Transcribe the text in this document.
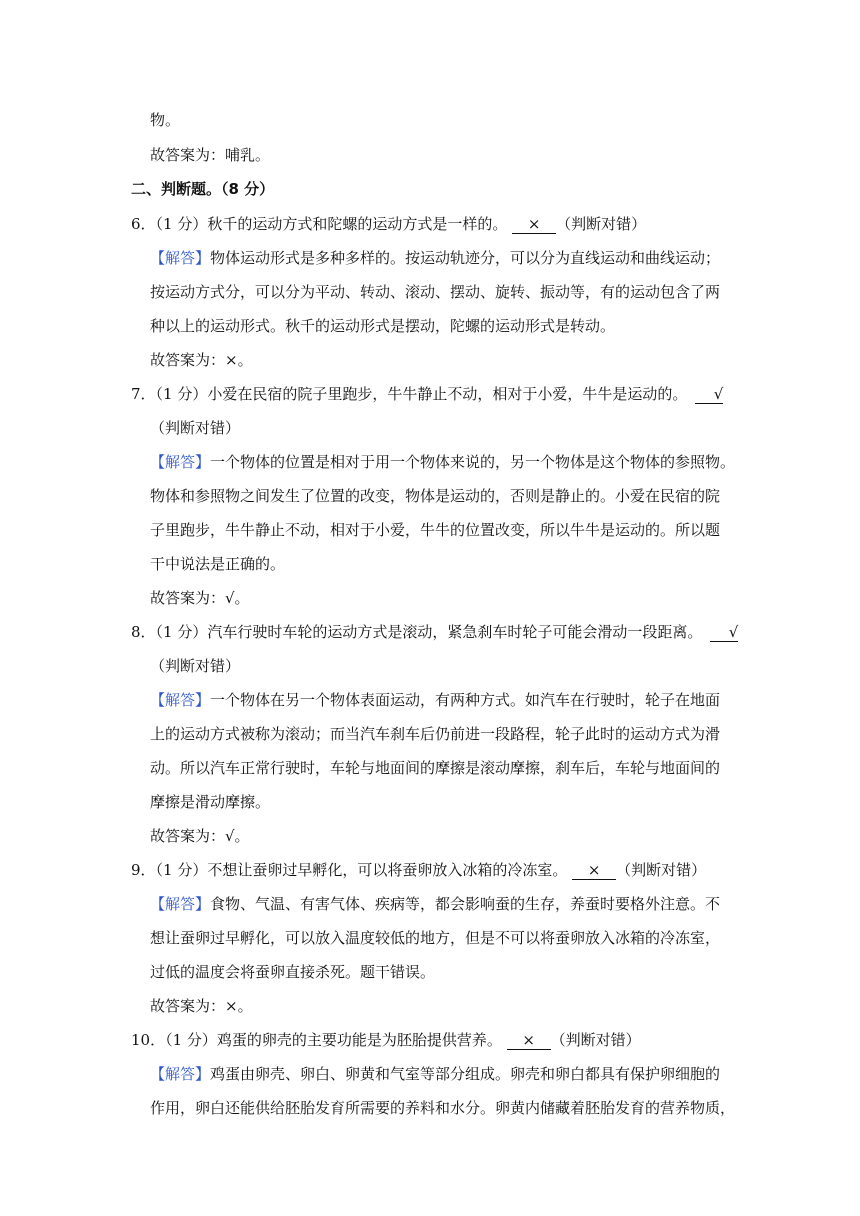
物。
故答案为：哺乳。
二、判断题。（8 分）
6．（1 分）秋千的运动方式和陀螺的运动方式是一样的。 × （判断对错）
【解答】物体运动形式是多种多样的。按运动轨迹分，可以分为直线运动和曲线运动；
按运动方式分，可以分为平动、转动、滚动、摆动、旋转、振动等，有的运动包含了两
种以上的运动形式。秋千的运动形式是摆动，陀螺的运动形式是转动。
故答案为：×。
7．（1 分）小爱在民宿的院子里跑步，牛牛静止不动，相对于小爱，牛牛是运动的。 √
（判断对错）
【解答】一个物体的位置是相对于用一个物体来说的，另一个物体是这个物体的参照物。
物体和参照物之间发生了位置的改变，物体是运动的，否则是静止的。小爱在民宿的院
子里跑步，牛牛静止不动，相对于小爱，牛牛的位置改变，所以牛牛是运动的。所以题
干中说法是正确的。
故答案为：√。
8．（1 分）汽车行驶时车轮的运动方式是滚动，紧急刹车时轮子可能会滑动一段距离。 √
（判断对错）
【解答】一个物体在另一个物体表面运动，有两种方式。如汽车在行驶时，轮子在地面
上的运动方式被称为滚动；而当汽车刹车后仍前进一段路程，轮子此时的运动方式为滑
动。所以汽车正常行驶时，车轮与地面间的摩擦是滚动摩擦，刹车后，车轮与地面间的
摩擦是滑动摩擦。
故答案为：√。
9．（1 分）不想让蚕卵过早孵化，可以将蚕卵放入冰箱的冷冻室。 × （判断对错）
【解答】食物、气温、有害气体、疾病等，都会影响蚕的生存，养蚕时要格外注意。不
想让蚕卵过早孵化，可以放入温度较低的地方，但是不可以将蚕卵放入冰箱的冷冻室，
过低的温度会将蚕卵直接杀死。题干错误。
故答案为：×。
10．（1 分）鸡蛋的卵壳的主要功能是为胚胎提供营养。 × （判断对错）
【解答】鸡蛋由卵壳、卵白、卵黄和气室等部分组成。卵壳和卵白都具有保护卵细胞的
作用，卵白还能供给胚胎发育所需要的养料和水分。卵黄内储藏着胚胎发育的营养物质，
